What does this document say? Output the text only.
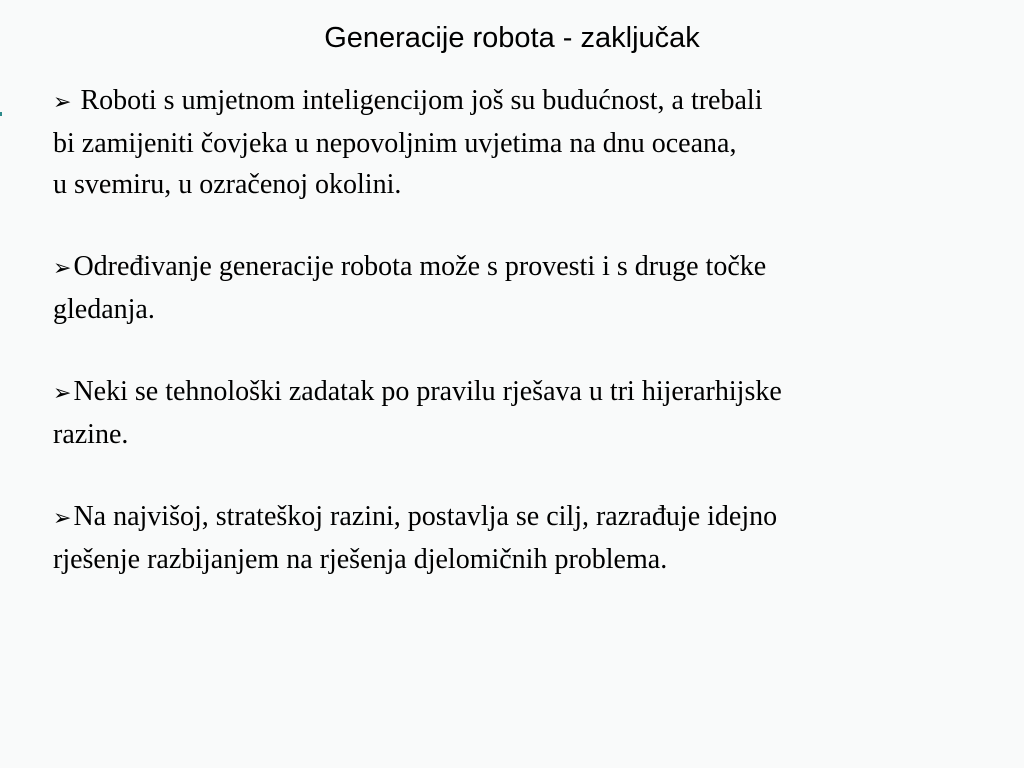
Generacije robota - zaključak
➢ Roboti s umjetnom inteligencijom još su budućnost, a trebali
bi zamijeniti čovjeka u nepovoljnim uvjetima na dnu oceana,
u svemiru, u ozračenoj okolini.
➢Određivanje generacije robota može s provesti i s druge točke
gledanja.
➢Neki se tehnološki zadatak po pravilu rješava u tri hijerarhijske
razine.
➢Na najvišoj, strateškoj razini, postavlja se cilj, razrađuje idejno
rješenje razbijanjem na rješenja djelomičnih problema.
